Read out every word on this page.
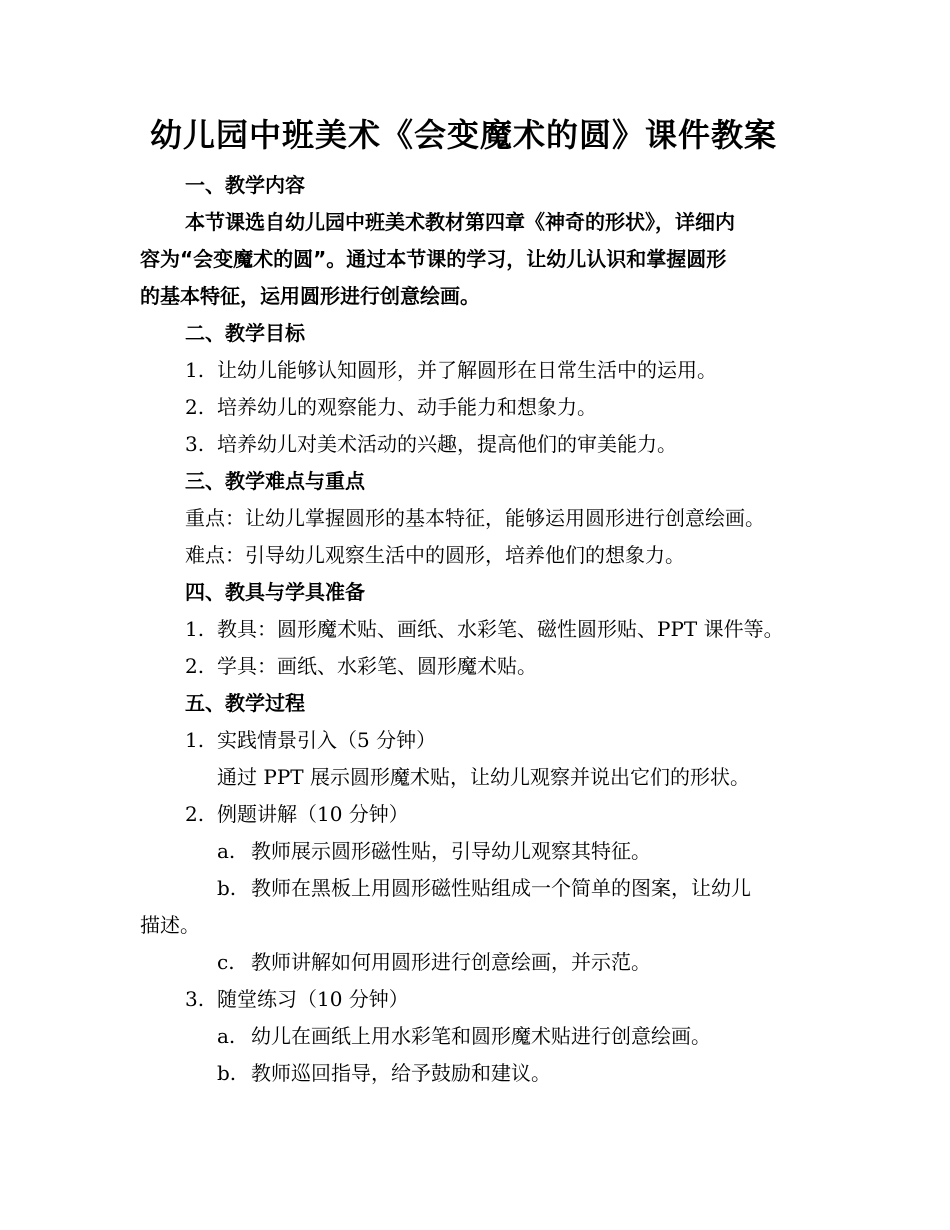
幼儿园中班美术《会变魔术的圆》课件教案
一、教学内容
本节课选自幼儿园中班美术教材第四章《神奇的形状》，详细内
容为“会变魔术的圆”。通过本节课的学习，让幼儿认识和掌握圆形
的基本特征，运用圆形进行创意绘画。
二、教学目标
1. 让幼儿能够认知圆形，并了解圆形在日常生活中的运用。
2. 培养幼儿的观察能力、动手能力和想象力。
3. 培养幼儿对美术活动的兴趣，提高他们的审美能力。
三、教学难点与重点
重点：让幼儿掌握圆形的基本特征，能够运用圆形进行创意绘画。
难点：引导幼儿观察生活中的圆形，培养他们的想象力。
四、教具与学具准备
1. 教具：圆形魔术贴、画纸、水彩笔、磁性圆形贴、PPT 课件等。
2. 学具：画纸、水彩笔、圆形魔术贴。
五、教学过程
1. 实践情景引入（5 分钟）
通过 PPT 展示圆形魔术贴，让幼儿观察并说出它们的形状。
2. 例题讲解（10 分钟）
a. 教师展示圆形磁性贴，引导幼儿观察其特征。
b. 教师在黑板上用圆形磁性贴组成一个简单的图案，让幼儿
描述。
c. 教师讲解如何用圆形进行创意绘画，并示范。
3. 随堂练习（10 分钟）
a. 幼儿在画纸上用水彩笔和圆形魔术贴进行创意绘画。
b. 教师巡回指导，给予鼓励和建议。
